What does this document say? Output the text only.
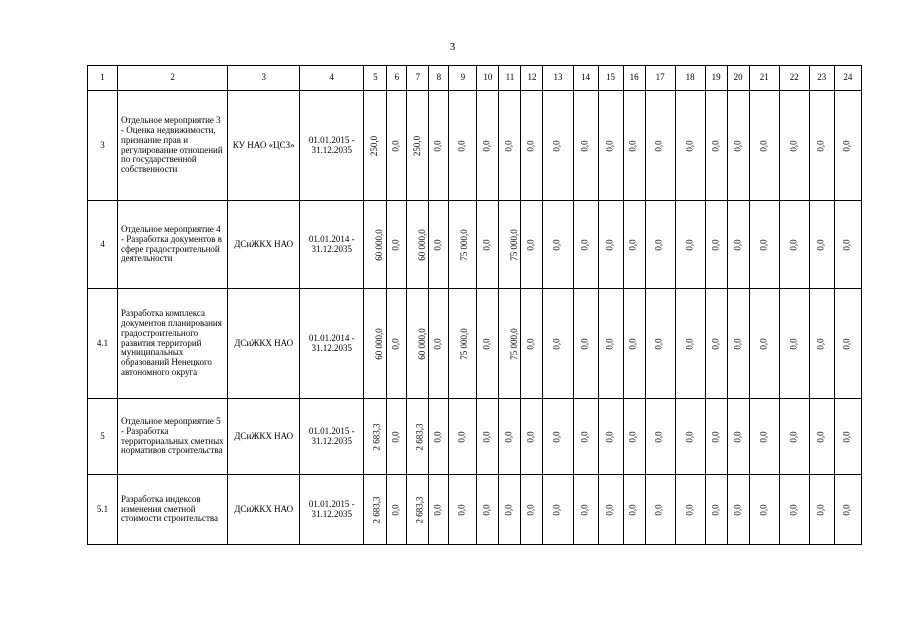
3
1	2	3	4	5	6	7	8	9	10	11	12	13	14	15	16	17	18	19	20	21	22	23	24
3	Отдельное мероприятие 3 - Оценка недвижимости, признание прав и регулирование отношений по государственной собственности	КУ НАО «ЦСЗ»	01.01.2015 - 31.12.2035	250,0	0,0	250,0	0,0	0,0	0,0	0,0	0,0	0,0	0,0	0,0	0,0	0,0	0,0	0,0	0,0	0,0	0,0	0,0	0,0
4	Отдельное мероприятие 4 - Разработка документов в сфере градостроительной деятельности	ДСиЖКХ НАО	01.01.2014 - 31.12.2035	60 000,0	0,0	60 000,0	0,0	75 000,0	0,0	75 000,0	0,0	0,0	0,0	0,0	0,0	0,0	0,0	0,0	0,0	0,0	0,0	0,0	0,0
4.1	Разработка комплекса документов планирования градостроительного развития территорий муниципальных образований Ненецкого автономного округа	ДСиЖКХ НАО	01.01.2014 - 31.12.2035	60 000,0	0,0	60 000,0	0,0	75 000,0	0,0	75 000,0	0,0	0,0	0,0	0,0	0,0	0,0	0,0	0,0	0,0	0,0	0,0	0,0	0,0
5	Отдельное мероприятие 5 - Разработка территориальных сметных нормативов строительства	ДСиЖКХ НАО	01.01.2015 - 31.12.2035	2 683,3	0,0	2 683,3	0,0	0,0	0,0	0,0	0,0	0,0	0,0	0,0	0,0	0,0	0,0	0,0	0,0	0,0	0,0	0,0	0,0
5.1	Разработка индексов изменения сметной стоимости строительства	ДСиЖКХ НАО	01.01.2015 - 31.12.2035	2 683,3	0,0	2 683,3	0,0	0,0	0,0	0,0	0,0	0,0	0,0	0,0	0,0	0,0	0,0	0,0	0,0	0,0	0,0	0,0	0,0
